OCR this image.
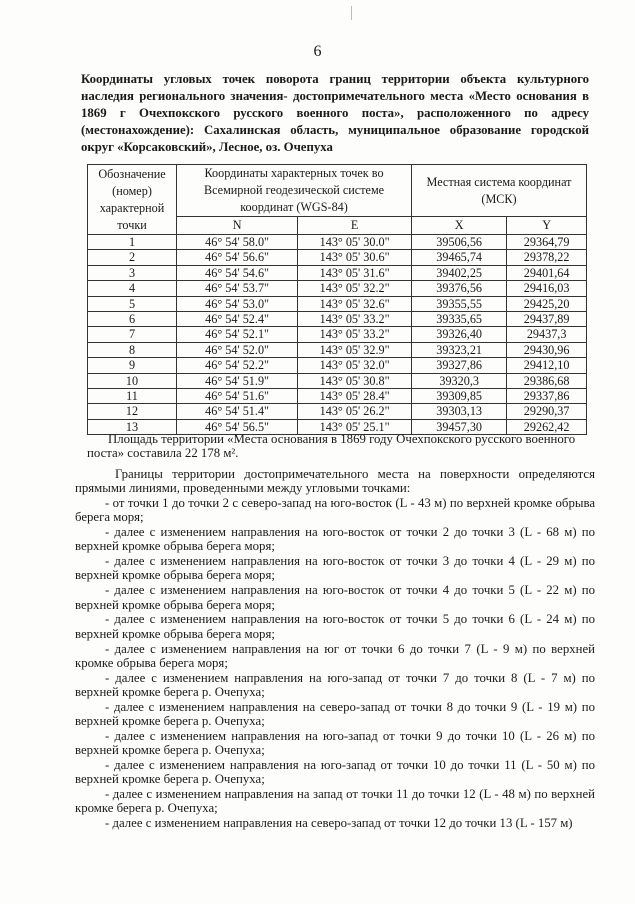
6
Координаты угловых точек поворота границ территории объекта культурного наследия регионального значения- достопримечательного места «Место основания в 1869 г Очехпокского русского военного поста», расположенного по адресу (местонахождение): Сахалинская область, муниципальное образование городской округ «Корсаковский», Лесное, оз. Очепуха
Обозначение (номер) характерной точки	Координаты характерных точек во Всемирной геодезической системе координат (WGS-84)		Местная система координат (МСК)	
	N	E	X	Y
1	46° 54' 58.0"	143° 05' 30.0"	39506,56	29364,79
2	46° 54' 56.6"	143° 05' 30.6"	39465,74	29378,22
3	46° 54' 54.6"	143° 05' 31.6"	39402,25	29401,64
4	46° 54' 53.7"	143° 05' 32.2"	39376,56	29416,03
5	46° 54' 53.0"	143° 05' 32.6"	39355,55	29425,20
6	46° 54' 52.4"	143° 05' 33.2"	39335,65	29437,89
7	46° 54' 52.1"	143° 05' 33.2"	39326,40	29437,3
8	46° 54' 52.0"	143° 05' 32.9"	39323,21	29430,96
9	46° 54' 52.2"	143° 05' 32.0"	39327,86	29412,10
10	46° 54' 51.9"	143° 05' 30.8"	39320,3	29386,68
11	46° 54' 51.6"	143° 05' 28.4"	39309,85	29337,86
12	46° 54' 51.4"	143° 05' 26.2"	39303,13	29290,37
13	46° 54' 56.5"	143° 05' 25.1"	39457,30	29262,42
Площадь территории «Места основания в 1869 году Очехпокского русского военного поста» составила 22 178 м².

Границы территории достопримечательного места на поверхности определяются прямыми линиями, проведенными между угловыми точками:

- от точки 1 до точки 2 с северо-запад на юго-восток (L - 43 м) по верхней кромке обрыва берега моря;

- далее с изменением направления на юго-восток от точки 2 до точки 3 (L - 68 м) по верхней кромке обрыва берега моря;

- далее с изменением направления на юго-восток от точки 3 до точки 4 (L - 29 м) по верхней кромке обрыва берега моря;

- далее с изменением направления на юго-восток от точки 4 до точки 5 (L - 22 м) по верхней кромке обрыва берега моря;

- далее с изменением направления на юго-восток от точки 5 до точки 6 (L - 24 м) по верхней кромке обрыва берега моря;

- далее с изменением направления на юг от точки 6 до точки 7 (L - 9 м) по верхней кромке обрыва берега моря;

- далее с изменением направления на юго-запад от точки 7 до точки 8 (L - 7 м) по верхней кромке берега р. Очепуха;

- далее с изменением направления на северо-запад от точки 8 до точки 9 (L - 19 м) по верхней кромке берега р. Очепуха;

- далее с изменением направления на юго-запад от точки 9 до точки 10 (L - 26 м) по верхней кромке берега р. Очепуха;

- далее с изменением направления на юго-запад от точки 10 до точки 11 (L - 50 м) по верхней кромке берега р. Очепуха;

- далее с изменением направления на запад от точки 11 до точки 12 (L - 48 м) по верхней кромке берега р. Очепуха;

- далее с изменением направления на северо-запад от точки 12 до точки 13 (L - 157 м)
